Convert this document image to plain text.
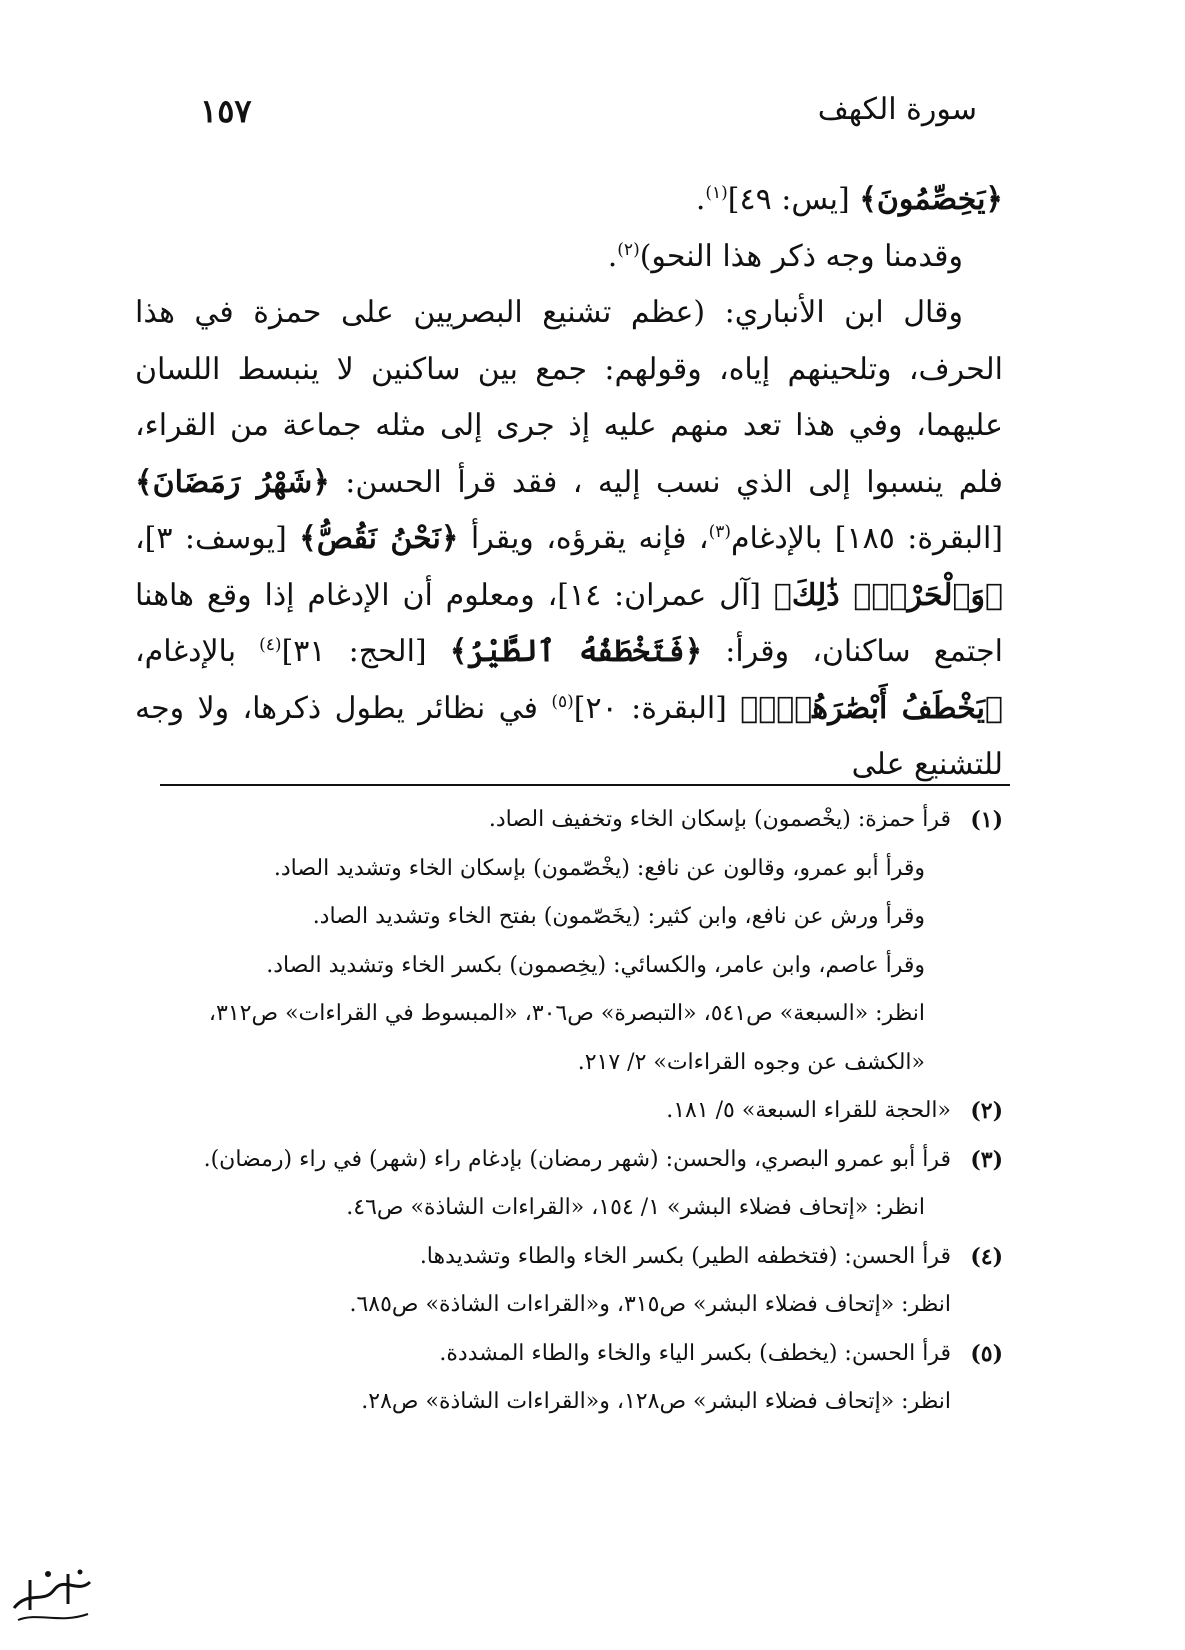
سورة الكهف
١٥٧

﴿يَخِصِّمُونَ﴾ [يس: ٤٩]$^{(١)}$.

وقدمنا وجه ذكر هذا النحو)$^{(٢)}$.

وقال ابن الأنباري: (عظم تشنيع البصريين على حمزة في هذا الحرف، وتلحينهم إياه، وقولهم: جمع بين ساكنين لا ينبسط اللسان عليهما، وفي هذا تعد منهم عليه إذ جرى إلى مثله جماعة من القراء، فلم ينسبوا إلى الذي نسب إليه ، فقد قرأ الحسن: ﴿شَهْرُ رَمَضَانَ﴾ [البقرة: ١٨٥] بالإدغام$^{(٣)}$، فإنه يقرؤه، ويقرأ ﴿نَحْنُ نَقُصُّ﴾ [يوسف: ٣]، ﴿وَٱلْحَرْثِۗ ذَٰلِكَ﴾ [آل عمران: ١٤]، ومعلوم أن الإدغام إذا وقع هاهنا اجتمع ساكنان، وقرأ: ﴿فَتَخْطَفُهُ ٱلطَّيْرُ﴾ [الحج: ٣١]$^{(٤)}$ بالإدغام، ﴿يَخْطَفُ أَبْصَٰرَهُمْۖ﴾ [البقرة: ٢٠]$^{(٥)}$ في نظائر يطول ذكرها، ولا وجه للتشنيع على

(١)

قرأ حمزة: (يخْصمون) بإسكان الخاء وتخفيف الصاد.

وقرأ أبو عمرو، وقالون عن نافع: (يخْصّمون) بإسكان الخاء وتشديد الصاد.

وقرأ ورش عن نافع، وابن كثير: (يخَصّمون) بفتح الخاء وتشديد الصاد.

وقرأ عاصم، وابن عامر، والكسائي: (يخِصمون) بكسر الخاء وتشديد الصاد.

انظر: «السبعة» ص٥٤١، «التبصرة» ص٣٠٦، «المبسوط في القراءات» ص٣١٢، «الكشف عن وجوه القراءات» ٢/ ٢١٧.

(٢)

«الحجة للقراء السبعة» ٥/ ١٨١.

(٣)

قرأ أبو عمرو البصري، والحسن: (شهر رمضان) بإدغام راء (شهر) في راء (رمضان).

انظر: «إتحاف فضلاء البشر» ١/ ١٥٤، «القراءات الشاذة» ص٤٦.

(٤)

قرأ الحسن: (فتخطفه الطير) بكسر الخاء والطاء وتشديدها.

انظر: «إتحاف فضلاء البشر» ص٣١٥، و«القراءات الشاذة» ص٦٨٥.

(٥)

قرأ الحسن: (يخطف) بكسر الياء والخاء والطاء المشددة.

انظر: «إتحاف فضلاء البشر» ص١٢٨، و«القراءات الشاذة» ص٢٨.
